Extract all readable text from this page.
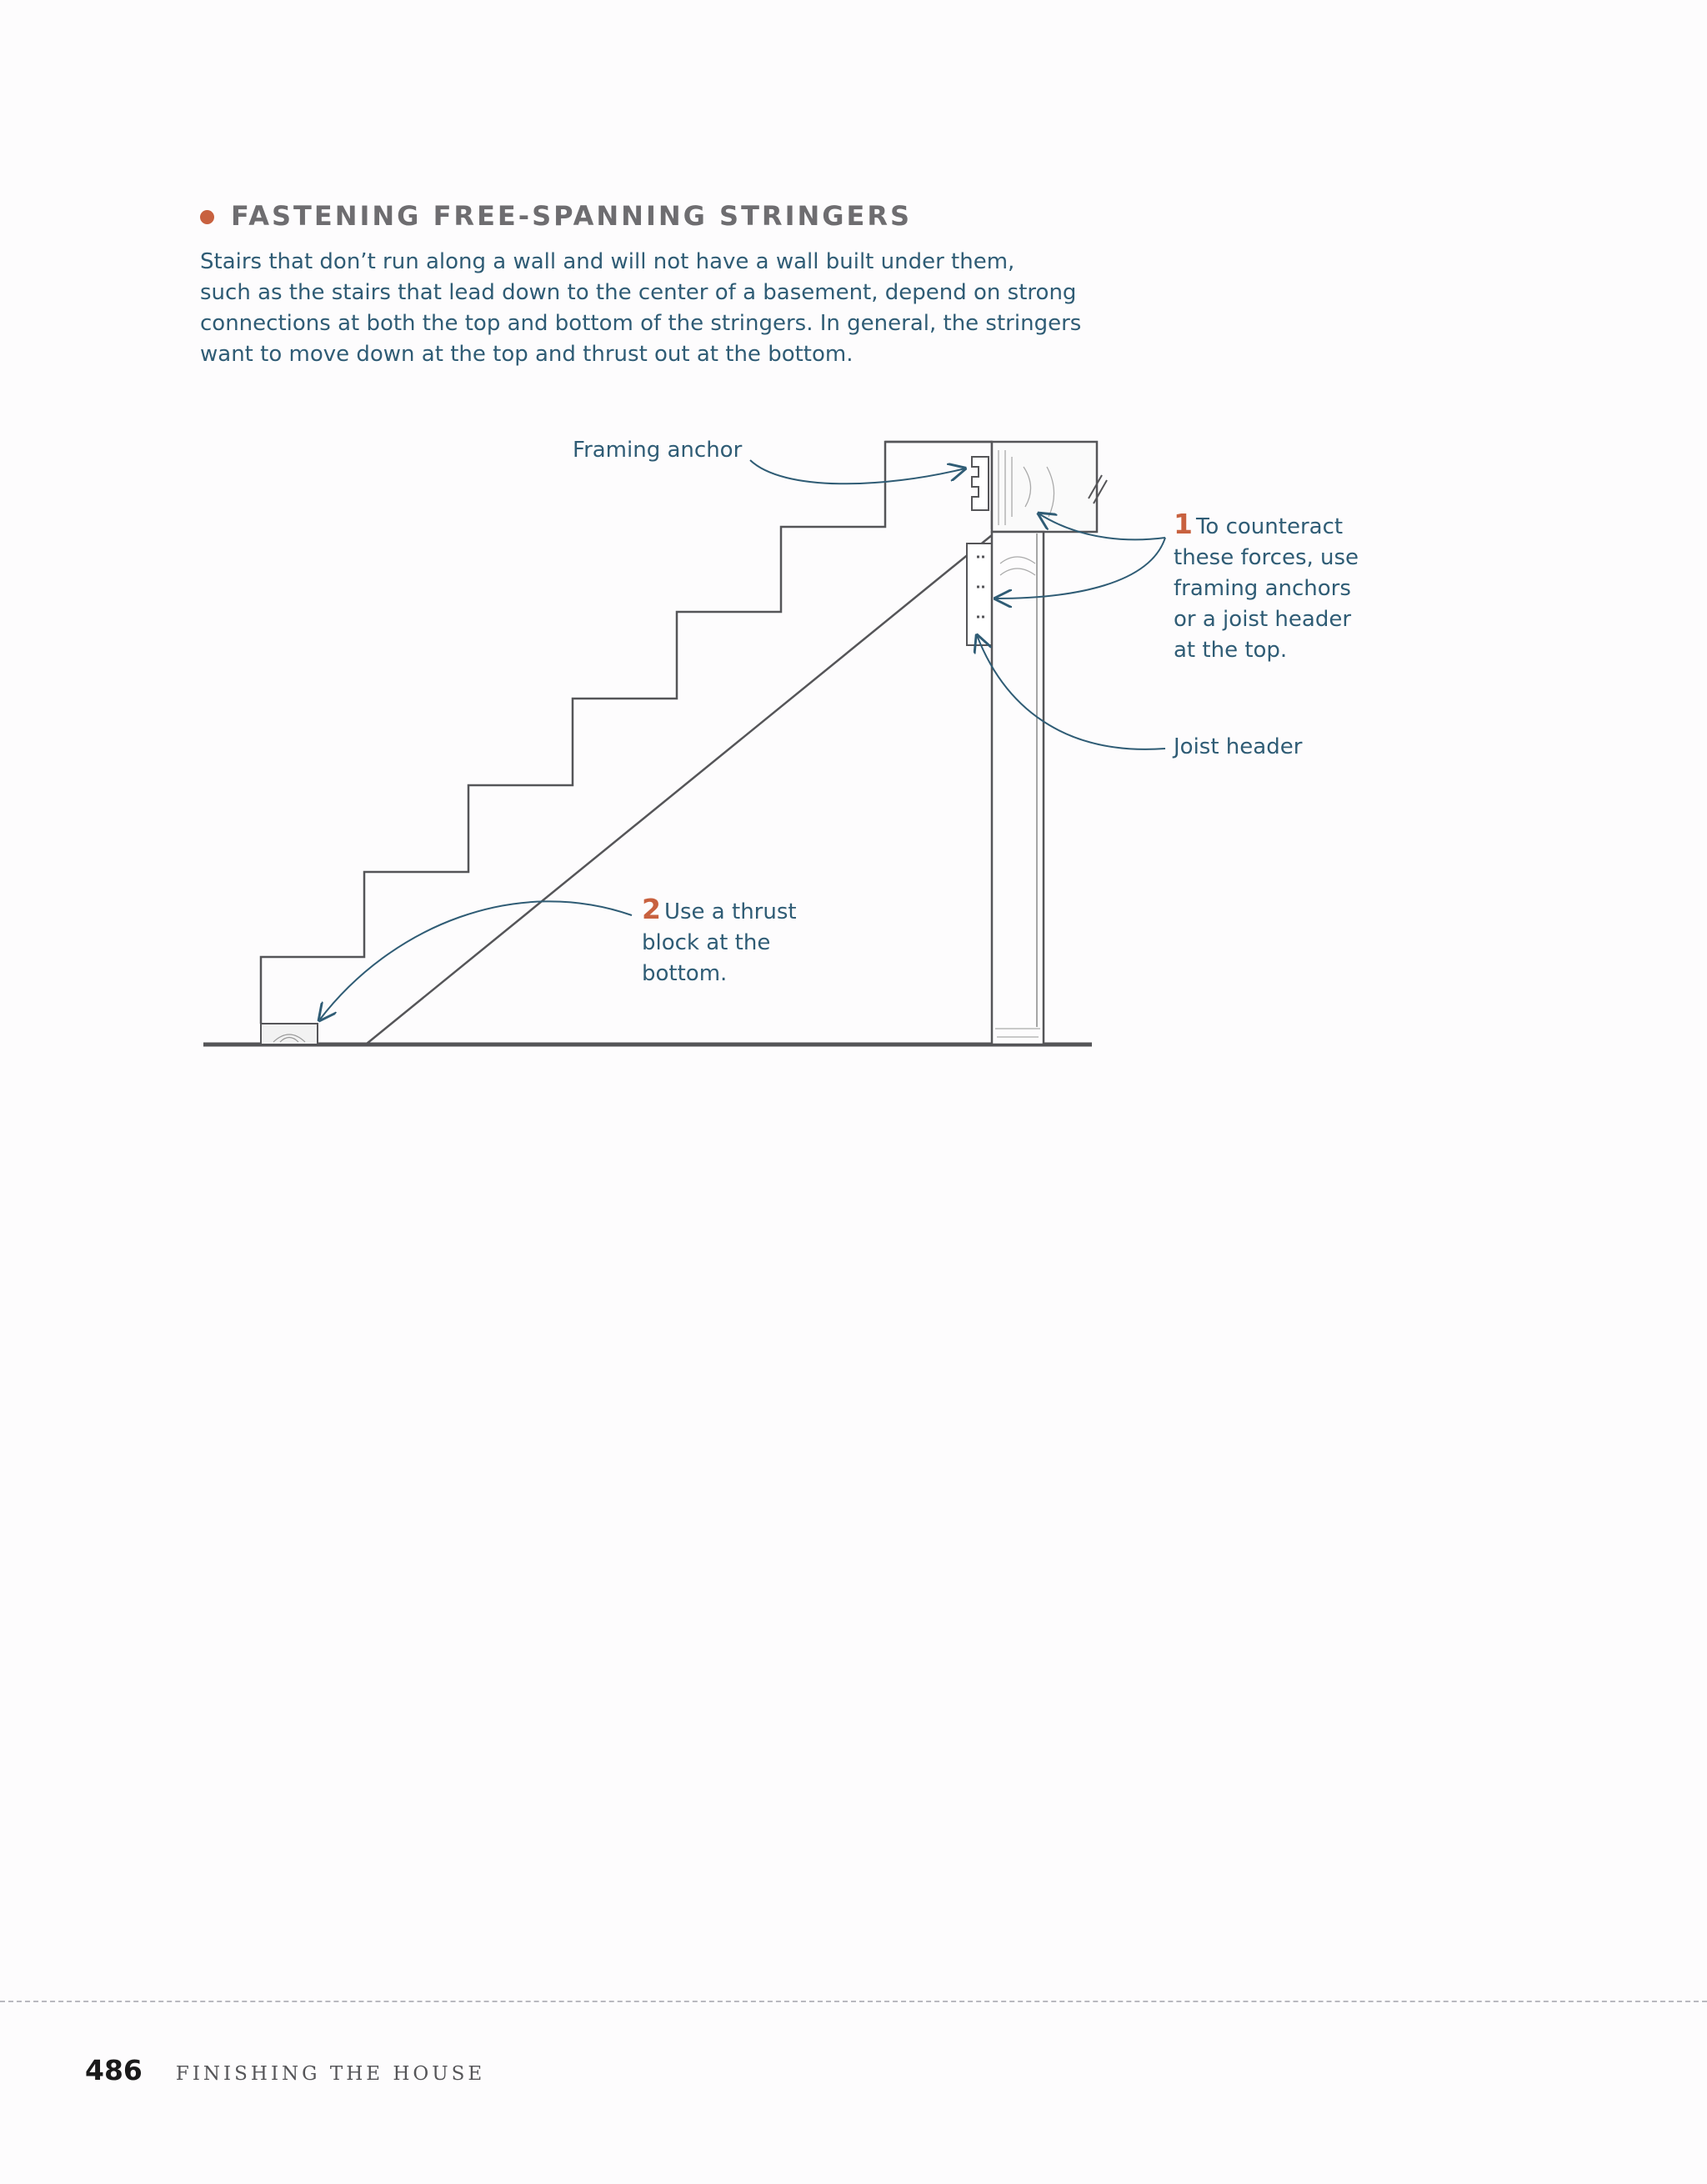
FASTENING FREE-SPANNING STRINGERS
Stairs that don’t run along a wall and will not have a wall built under them,
such as the stairs that lead down to the center of a basement, depend on strong
connections at both the top and bottom of the stringers. In general, the stringers
want to move down at the top and thrust out at the bottom.
Framing anchor
1 To counteract
these forces, use
framing anchors
or a joist header
at the top.
Joist header
2 Use a thrust
block at the
bottom.
486 FINISHING THE HOUSE
